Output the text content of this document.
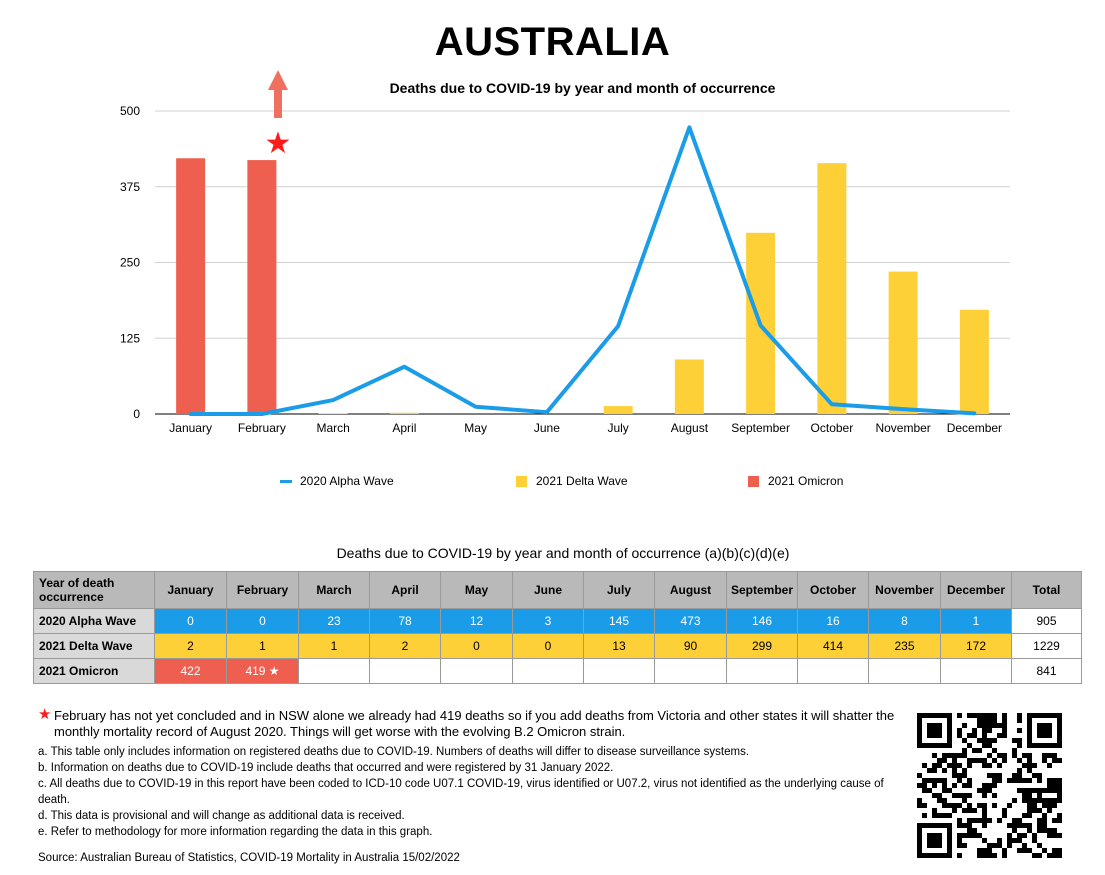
AUSTRALIA
Deaths due to COVID-19 by year and month of occurrence
0
125
250
375
500
January February	March	April	May	June	July	August September October November December
★
2020 Alpha Wave	2021 Delta Wave	2021 Omicron
Deaths due to COVID-19 by year and month of occurrence (a)(b)(c)(d)(e)
Year of death occurrence	January	February	March	April	May	June	July	August	September	October	November	December	Total
2020 Alpha Wave	0	0	23	78	12	3	145	473	146	16	8	1	905
2021 Delta Wave	2	1	1	2	0	0	13	90	299	414	235	172	1229
2021 Omicron	422	419 ★											841
★ February has not yet concluded and in NSW alone we already had 419 deaths so if you add deaths from Victoria and other states it will shatter the monthly mortality record of August 2020. Things will get worse with the evolving B.2 Omicron strain.
a. This table only includes information on registered deaths due to COVID-19. Numbers of deaths will differ to disease surveillance systems.
b. Information on deaths due to COVID-19 include deaths that occurred and were registered by 31 January 2022.
c. All deaths due to COVID-19 in this report have been coded to ICD-10 code U07.1 COVID-19, virus identified or U07.2, virus not identified as the underlying cause of death.
d. This data is provisional and will change as additional data is received.
e. Refer to methodology for more information regarding the data in this graph.
Source: Australian Bureau of Statistics, COVID-19 Mortality in Australia 15/02/2022
